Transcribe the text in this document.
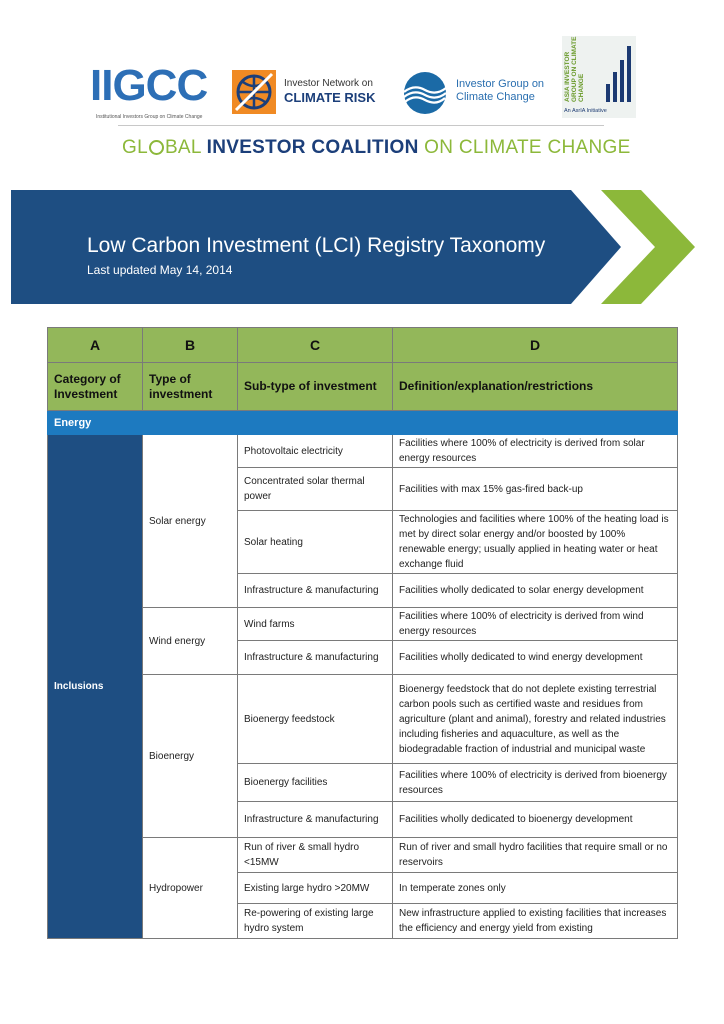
IIGCC
Institutional Investors Group on Climate Change
Investor Network on
CLIMATE RISK
Investor Group on
Climate Change	ASIA INVESTOR GROUP ON CLIMATE CHANGE
An AsrIA Initiative
GL BAL INVESTOR COALITION ON CLIMATE CHANGE
Low Carbon Investment (LCI) Registry Taxonomy
Last updated May 14, 2014
A	B	C	D
Category of Investment	Type of investment	Sub-type of investment	Definition/explanation/restrictions
Energy			
Inclusions	Solar energy	Photovoltaic electricity	Facilities where 100% of electricity is derived from solar energy resources
		Concentrated solar thermal power	Facilities with max 15% gas-fired back-up
		Solar heating	Technologies and facilities where 100% of the heating load is met by direct solar energy and/or boosted by 100% renewable energy; usually applied in heating water or heat exchange fluid
		Infrastructure & manufacturing	Facilities wholly dedicated to solar energy development
	Wind energy	Wind farms	Facilities where 100% of electricity is derived from wind energy resources
		Infrastructure & manufacturing	Facilities wholly dedicated to wind energy development
	Bioenergy	Bioenergy feedstock	Bioenergy feedstock that do not deplete existing terrestrial carbon pools such as certified waste and residues from agriculture (plant and animal), forestry and related industries including fisheries and aquaculture, as well as the biodegradable fraction of industrial and municipal waste
		Bioenergy facilities	Facilities where 100% of electricity is derived from bioenergy resources
		Infrastructure & manufacturing	Facilities wholly dedicated to bioenergy development
	Hydropower	Run of river & small hydro <15MW	Run of river and small hydro facilities that require small or no reservoirs
		Existing large hydro >20MW	In temperate zones only
		Re-powering of existing large hydro system	New infrastructure applied to existing facilities that increases the efficiency and energy yield from existing
